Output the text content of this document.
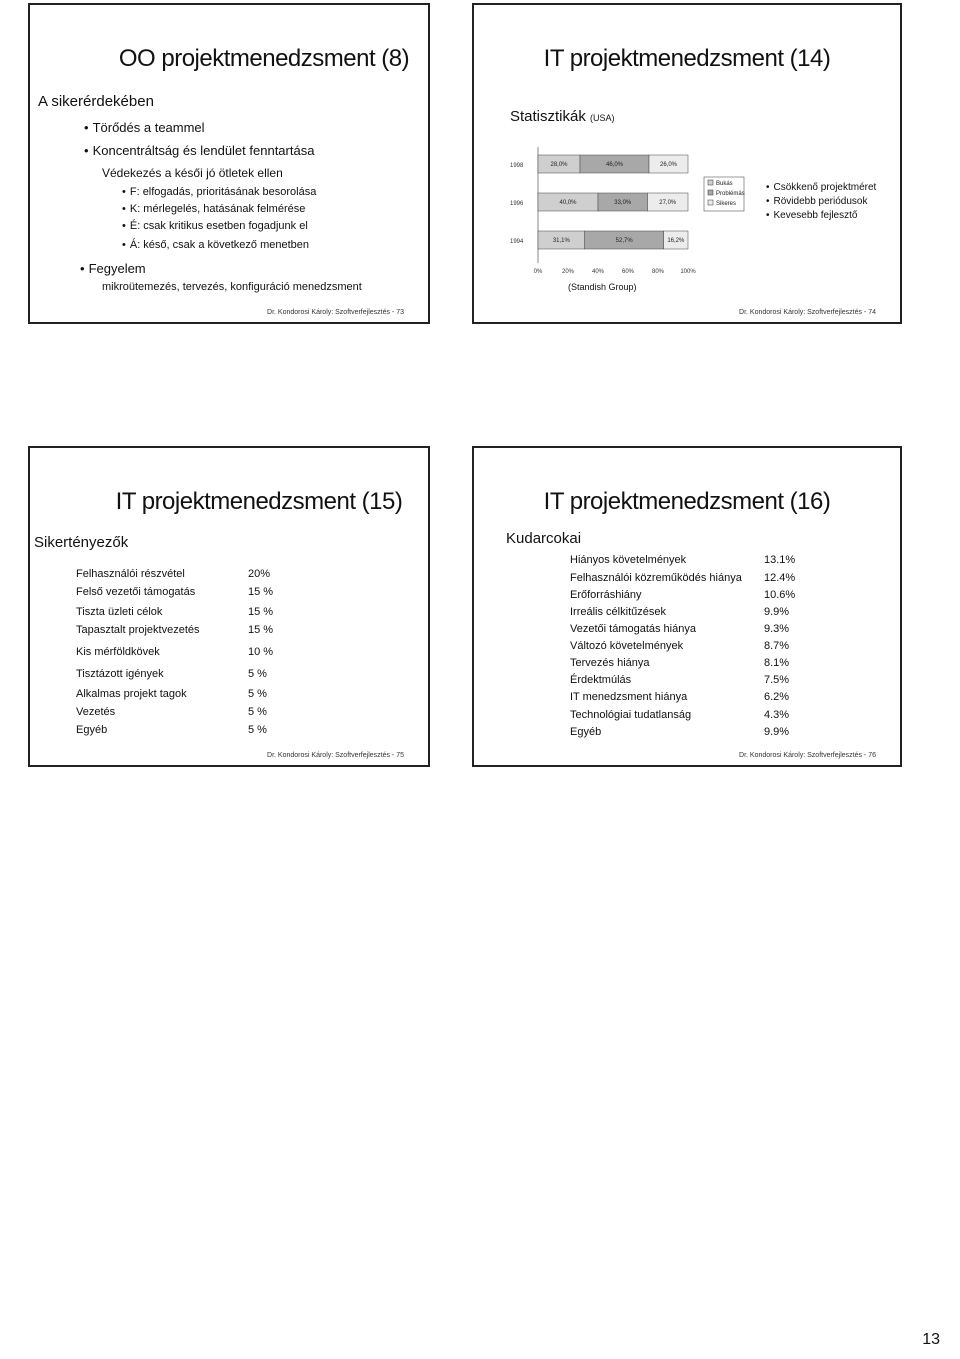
OO projektmenedzsment (8)
A sikerérdekében
• Törődés a teammel
• Koncentráltság és lendület fenntartása
Védekezés a késői jó ötletek ellen
• F: elfogadás, prioritásának besorolása
• K: mérlegelés, hatásának felmérése
• É: csak kritikus esetben fogadjunk el
• Á: késő, csak a következő menetben
• Fegyelem
mikroütemezés, tervezés, konfiguráció menedzsment
Dr. Kondorosi Károly: Szoftverfejlesztés - 73
IT projektmenedzsment (14)
Statisztikák (USA)
1998	28,0%	46,0%	26,0%
1996	40,0%	33,0%	27,0%
1994	31,1%	52,7%	16,2%
0%	20%	40%	60%	80%	100%
Bukás
Problémás
Sikeres
(Standish Group)
• Csökkenő projektméret
• Rövidebb periódusok
• Kevesebb fejlesztő
Dr. Kondorosi Károly: Szoftverfejlesztés - 74
IT projektmenedzsment (15)
Sikertényezők
Felhasználói részvétel	20%
Felső vezetői támogatás	15 %
Tiszta üzleti célok	15 %
Tapasztalt projektvezetés	15 %
Kis mérföldkövek	10 %
Tisztázott igények	5 %
Alkalmas projekt tagok	5 %
Vezetés	5 %
Egyéb	5 %
Dr. Kondorosi Károly: Szoftverfejlesztés - 75
IT projektmenedzsment (16)
Kudarcokai
Hiányos követelmények	13.1%
Felhasználói közreműködés hiánya 12.4%
Erőforráshiány	10.6%
Irreális célkitűzések	9.9%
Vezetői támogatás hiánya	9.3%
Változó követelmények	8.7%
Tervezés hiánya	8.1%
Érdektmúlás	7.5%
IT menedzsment hiánya	6.2%
Technológiai tudatlanság	4.3%
Egyéb	9.9%
Dr. Kondorosi Károly: Szoftverfejlesztés - 76
13
